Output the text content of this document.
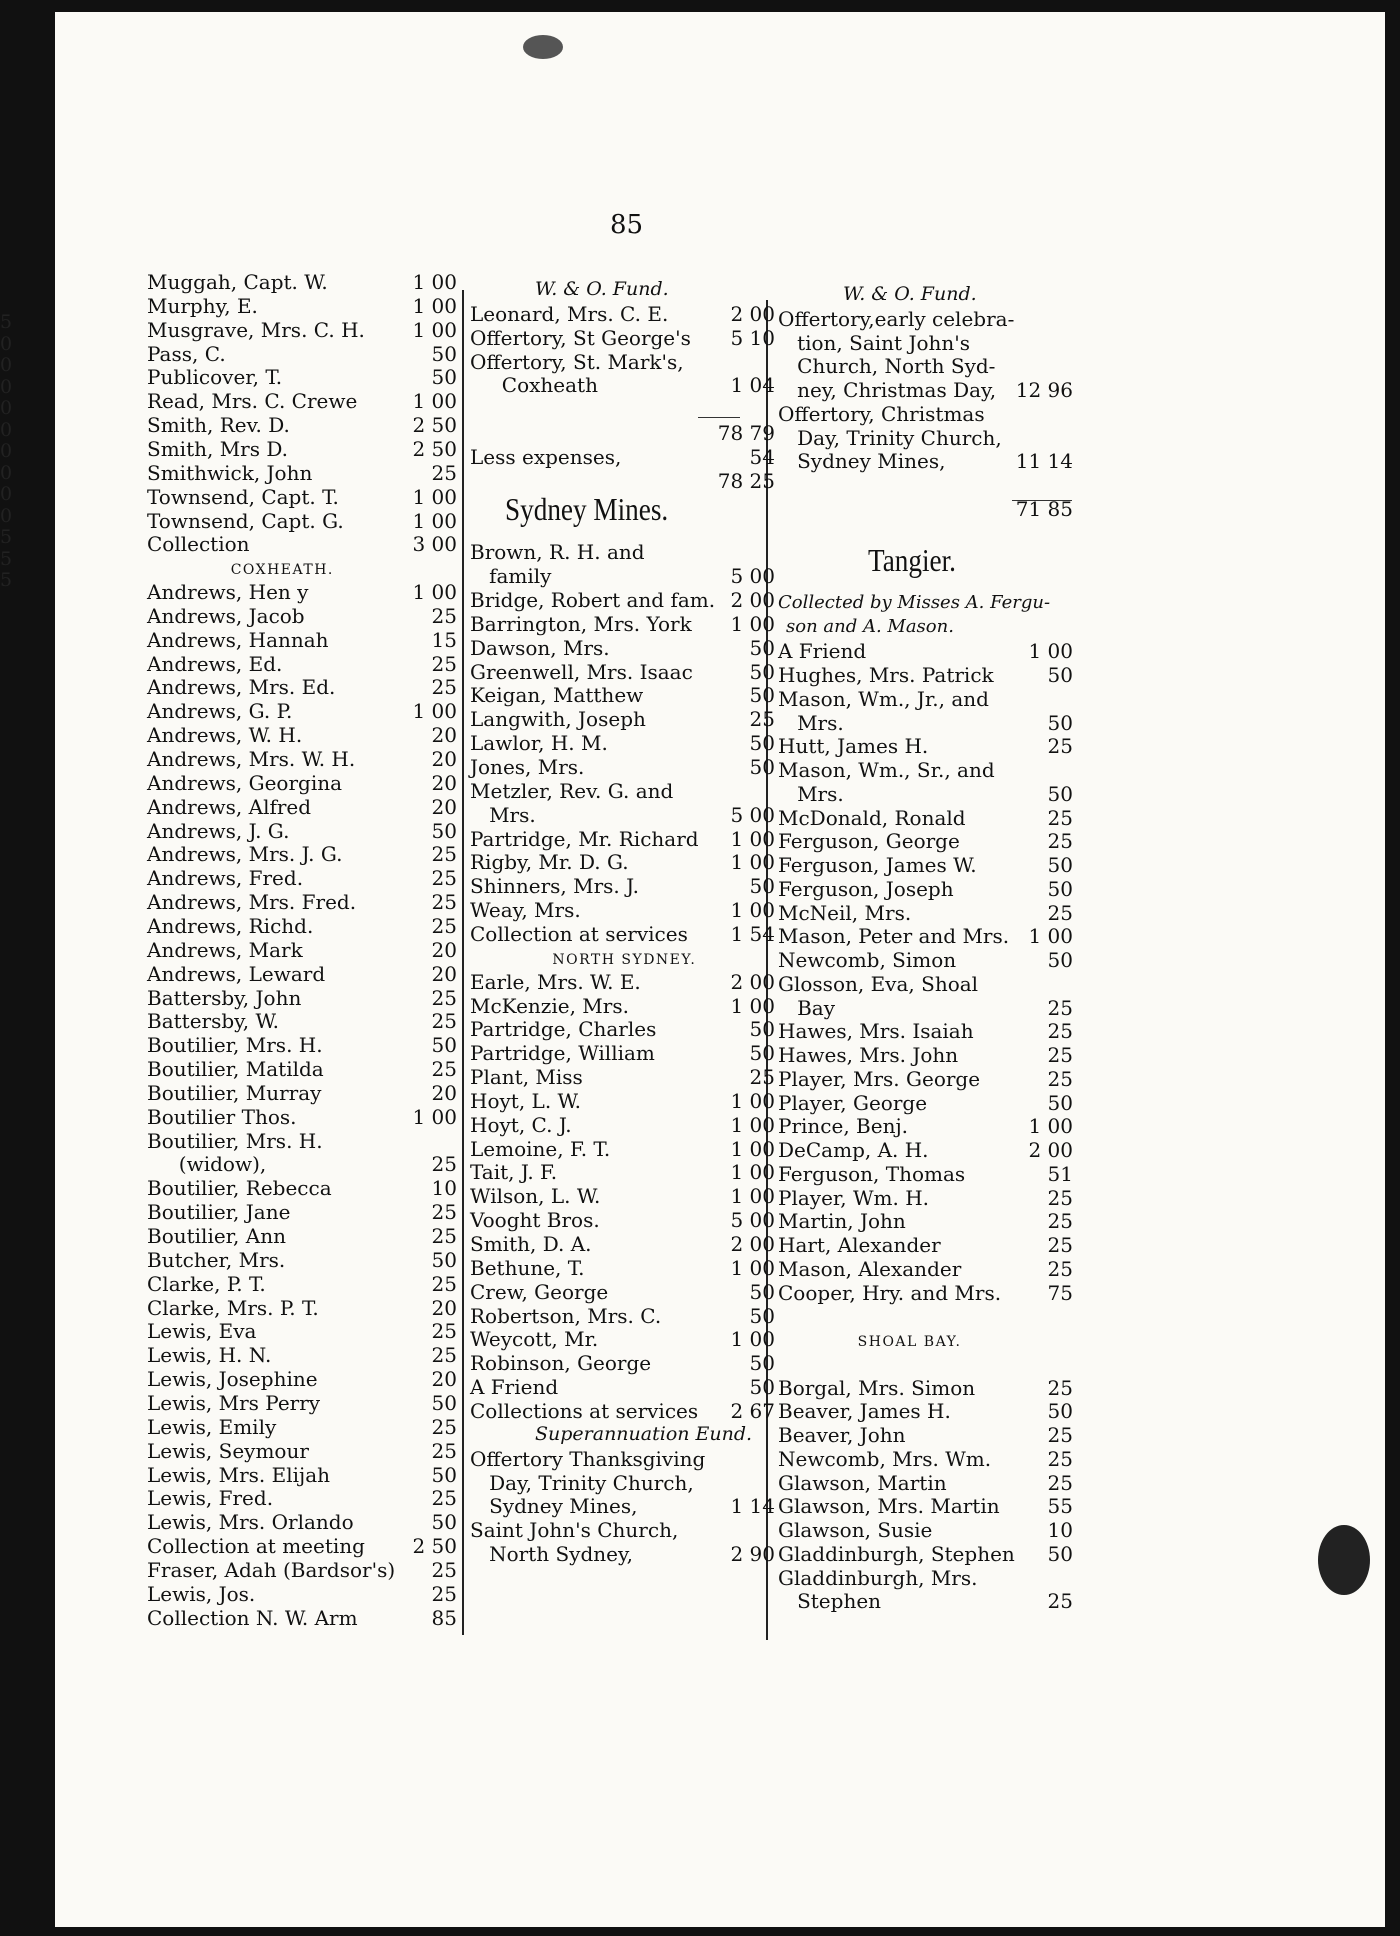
5 0 0 0 0 0 0 0 0 0 5 5 5
85
Muggah, Capt. W.	1 00
Murphy, E.	1 00
Musgrave, Mrs. C. H. 1 00
Pass, C.	50
Publicover, T.	50
Read, Mrs. C. Crewe	1 00
Smith, Rev. D.	2 50
Smith, Mrs D.	2 50
Smithwick, John	25
Townsend, Capt. T.	1 00
Townsend, Capt. G.	1 00
Collection	3 00
COXHEATH.
Andrews, Hen y	1 00
Andrews, Jacob	25
Andrews, Hannah	15
Andrews, Ed.	25
Andrews, Mrs. Ed.	25
Andrews, G. P.	1 00
Andrews, W. H.	20
Andrews, Mrs. W. H.	20
Andrews, Georgina	20
Andrews, Alfred	20
Andrews, J. G.	50
Andrews, Mrs. J. G.	25
Andrews, Fred.	25
Andrews, Mrs. Fred.	25
Andrews, Richd.	25
Andrews, Mark	20
Andrews, Leward	20
Battersby, John	25
Battersby, W.	25
Boutilier, Mrs. H.	50
Boutilier, Matilda	25
Boutilier, Murray	20
Boutilier Thos.	1 00
Boutilier, Mrs. H.
(widow),	25
Boutilier, Rebecca	10
Boutilier, Jane	25
Boutilier, Ann	25
Butcher, Mrs.	50
Clarke, P. T.	25
Clarke, Mrs. P. T.	20
Lewis, Eva	25
Lewis, H. N.	25
Lewis, Josephine	20
Lewis, Mrs Perry	50
Lewis, Emily	25
Lewis, Seymour	25
Lewis, Mrs. Elijah	50
Lewis, Fred.	25
Lewis, Mrs. Orlando	50
Collection at meeting 2 50
Fraser, Adah (Bardsor's) 25
Lewis, Jos.	25
Collection N. W. Arm	85
W. & O. Fund.
Leonard, Mrs. C. E.	2 00
Offertory, St George's 5 10
Offertory, St. Mark's,
Coxheath	1 04
78 79
Less expenses,	54
78 25
Sydney Mines.
Brown, R. H. and
family	5 00
Bridge, Robert and fam. 2 00
Barrington, Mrs. York 1 00
Dawson, Mrs.	50
Greenwell, Mrs. Isaac	50
Keigan, Matthew	50
Langwith, Joseph	25
Lawlor, H. M.	50
Jones, Mrs.	50
Metzler, Rev. G. and
Mrs.	5 00
Partridge, Mr. Richard 1 00
Rigby, Mr. D. G.	1 00
Shinners, Mrs. J.	50
Weay, Mrs.	1 00
Collection at services 1 54
NORTH SYDNEY.
Earle, Mrs. W. E.	2 00
McKenzie, Mrs.	1 00
Partridge, Charles	50
Partridge, William	50
Plant, Miss	25
Hoyt, L. W.	1 00
Hoyt, C. J.	1 00
Lemoine, F. T.	1 00
Tait, J. F.	1 00
Wilson, L. W.	1 00
Vooght Bros.	5 00
Smith, D. A.	2 00
Bethune, T.	1 00
Crew, George	50
Robertson, Mrs. C.	50
Weycott, Mr.	1 00
Robinson, George	50
A Friend	50
Collections at services 2 67
Superannuation Eund.
Offertory Thanksgiving
Day, Trinity Church,
Sydney Mines,	1 14
Saint John's Church,
North Sydney,	2 90
W. & O. Fund.
Offertory,early celebra-
tion, Saint John's
Church, North Syd-
ney, Christmas Day, 12 96
Offertory, Christmas
Day, Trinity Church,
Sydney Mines,	11 14
71 85
Tangier.
Collected by Misses A. Fergu-
son and A. Mason.
A Friend	1 00
Hughes, Mrs. Patrick	50
Mason, Wm., Jr., and
Mrs.	50
Hutt, James H.	25
Mason, Wm., Sr., and
Mrs.	50
McDonald, Ronald	25
Ferguson, George	25
Ferguson, James W.	50
Ferguson, Joseph	50
McNeil, Mrs.	25
Mason, Peter and Mrs. 1 00
Newcomb, Simon	50
Glosson, Eva, Shoal
Bay	25
Hawes, Mrs. Isaiah	25
Hawes, Mrs. John	25
Player, Mrs. George	25
Player, George	50
Prince, Benj.	1 00
DeCamp, A. H.	2 00
Ferguson, Thomas	51
Player, Wm. H.	25
Martin, John	25
Hart, Alexander	25
Mason, Alexander	25
Cooper, Hry. and Mrs. 75
SHOAL BAY.
Borgal, Mrs. Simon	25
Beaver, James H.	50
Beaver, John	25
Newcomb, Mrs. Wm.	25
Glawson, Martin	25
Glawson, Mrs. Martin 55
Glawson, Susie	10
Gladdinburgh, Stephen 50
Gladdinburgh, Mrs.
Stephen	25
